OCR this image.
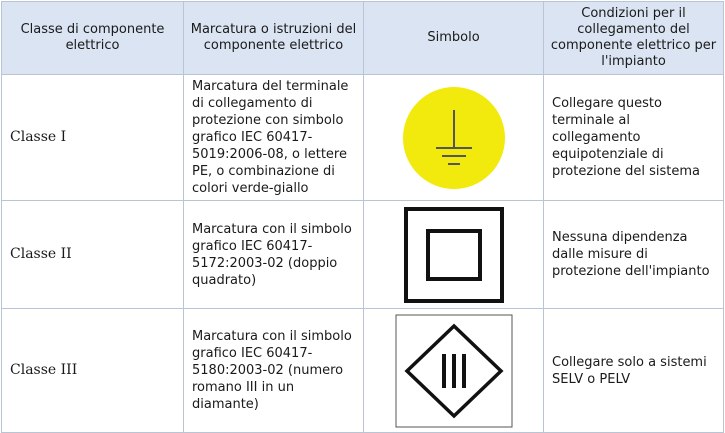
Classe di componente elettrico	Marcatura o istruzioni del componente elettrico	Simbolo	Condizioni per il collegamento del componente elettrico per l'impianto
Classe I	Marcatura del terminale di collegamento di protezione con simbolo grafico IEC 60417-5019:2006-08, o lettere PE, o combinazione di colori verde-giallo		Collegare questo terminale al collegamento equipotenziale di protezione del sistema
Classe II	Marcatura con il simbolo grafico IEC 60417-5172:2003-02 (doppio quadrato)		Nessuna dipendenza dalle misure di protezione dell'impianto
Classe III	Marcatura con il simbolo grafico IEC 60417-5180:2003-02 (numero romano III in un diamante)		Collegare solo a sistemi SELV o PELV
